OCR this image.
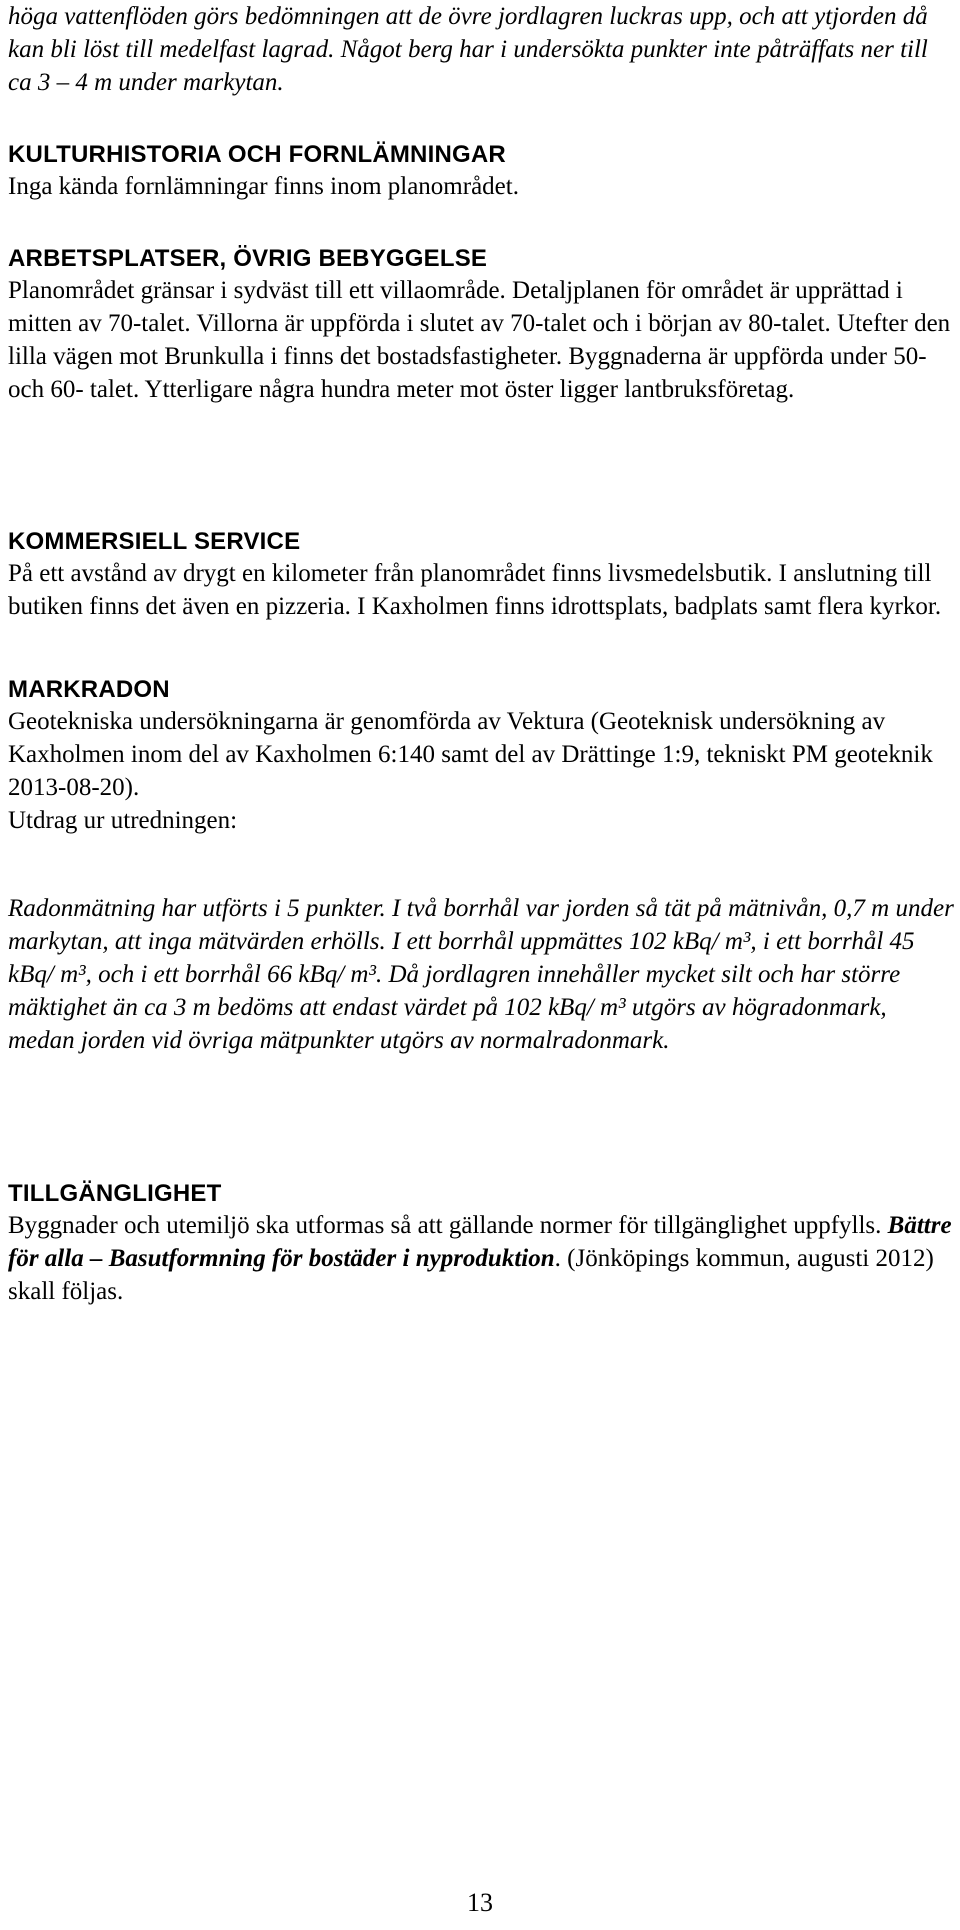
höga vattenflöden görs bedömningen att de övre jordlagren luckras upp, och att ytjorden då kan bli löst till medelfast lagrad. Något berg har i undersökta punkter inte påträffats ner till ca 3 – 4 m under markytan.

KULTURHISTORIA OCH FORNLÄMNINGAR

Inga kända fornlämningar finns inom planområdet.

ARBETSPLATSER, ÖVRIG BEBYGGELSE

Planområdet gränsar i sydväst till ett villaområde. Detaljplanen för området är upprättad i mitten av 70-talet. Villorna är uppförda i slutet av 70-talet och i början av 80-talet. Utefter den lilla vägen mot Brunkulla i finns det bostadsfastigheter. Byggnaderna är uppförda under 50- och 60- talet. Ytterligare några hundra meter mot öster ligger lantbruksföretag.

KOMMERSIELL SERVICE

På ett avstånd av drygt en kilometer från planområdet finns livsmedelsbutik. I anslutning till butiken finns det även en pizzeria. I Kaxholmen finns idrottsplats, badplats samt flera kyrkor.

MARKRADON

Geotekniska undersökningarna är genomförda av Vektura (Geoteknisk undersökning av Kaxholmen inom del av Kaxholmen 6:140 samt del av Drättinge 1:9, tekniskt PM geoteknik 2013-08-20).

Utdrag ur utredningen:

Radonmätning har utförts i 5 punkter. I två borrhål var jorden så tät på mätnivån, 0,7 m under markytan, att inga mätvärden erhölls. I ett borrhål uppmättes 102 kBq/ m³, i ett borrhål 45 kBq/ m³, och i ett borrhål 66 kBq/ m³. Då jordlagren innehåller mycket silt och har större mäktighet än ca 3 m bedöms att endast värdet på 102 kBq/ m³ utgörs av högradonmark, medan jorden vid övriga mätpunkter utgörs av normalradonmark.

TILLGÄNGLIGHET

Byggnader och utemiljö ska utformas så att gällande normer för tillgänglighet uppfylls. Bättre för alla – Basutformning för bostäder i nyproduktion. (Jönköpings kommun, augusti 2012) skall följas.

13
